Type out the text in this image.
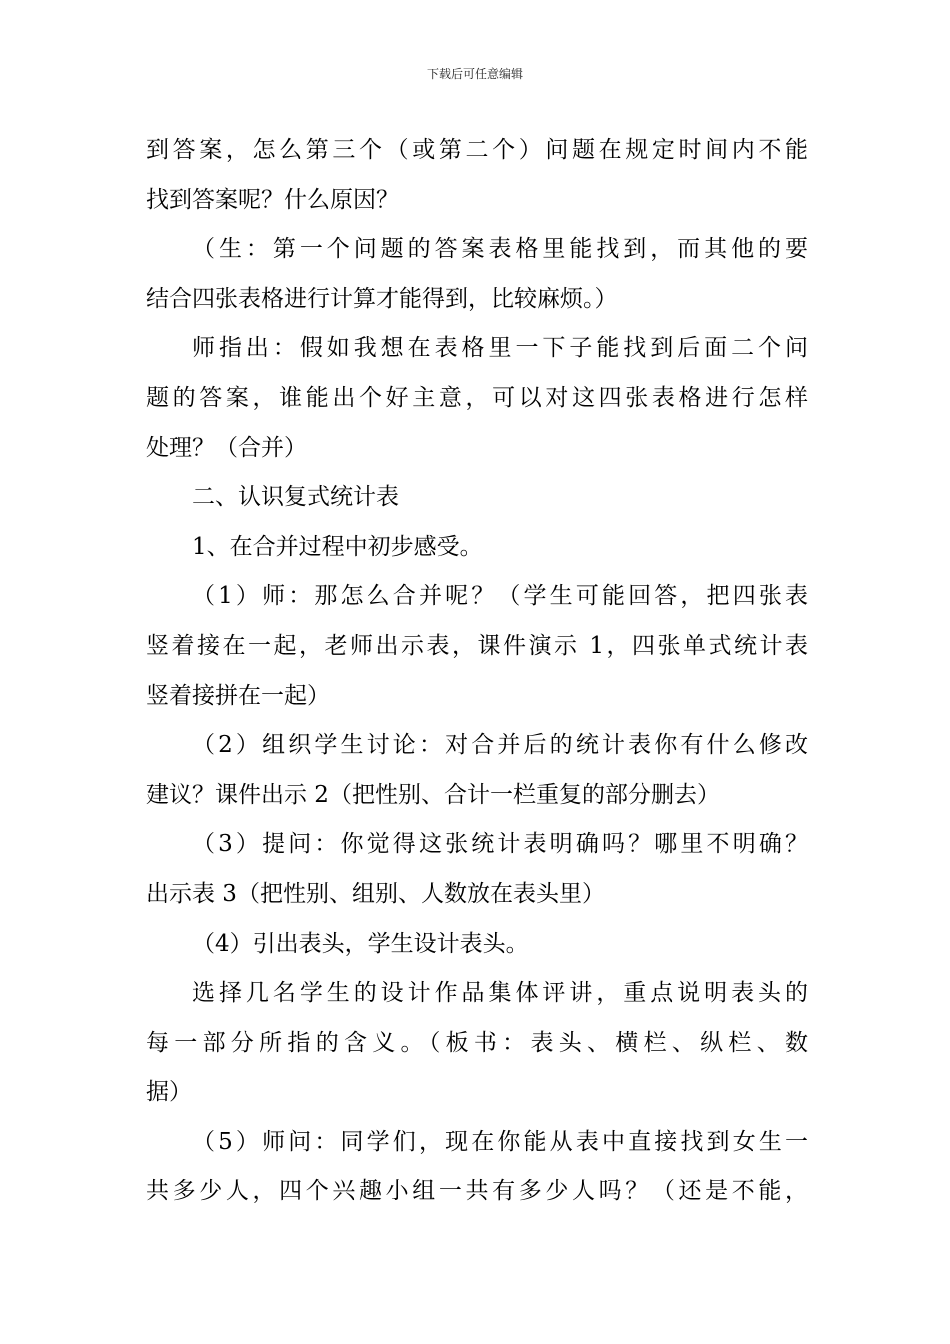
下载后可任意编辑
到答案，怎么第三个（或第二个）问题在规定时间内不能
找到答案呢？什么原因？
（生：第一个问题的答案表格里能找到，而其他的要
结合四张表格进行计算才能得到，比较麻烦。）
师指出：假如我想在表格里一下子能找到后面二个问
题的答案，谁能出个好主意，可以对这四张表格进行怎样
处理？（合并）
二、认识复式统计表
1、在合并过程中初步感受。
（1）师：那怎么合并呢？（学生可能回答，把四张表
竖着接在一起，老师出示表，课件演示 1，四张单式统计表
竖着接拼在一起）
（2）组织学生讨论：对合并后的统计表你有什么修改
建议？课件出示 2（把性别、合计一栏重复的部分删去）
（3）提问：你觉得这张统计表明确吗？哪里不明确？
出示表 3（把性别、组别、人数放在表头里）
（4）引出表头，学生设计表头。
选择几名学生的设计作品集体评讲，重点说明表头的
每一部分所指的含义。（板书：表头、横栏、纵栏、数
据）
（5）师问：同学们，现在你能从表中直接找到女生一
共多少人，四个兴趣小组一共有多少人吗？（还是不能，
